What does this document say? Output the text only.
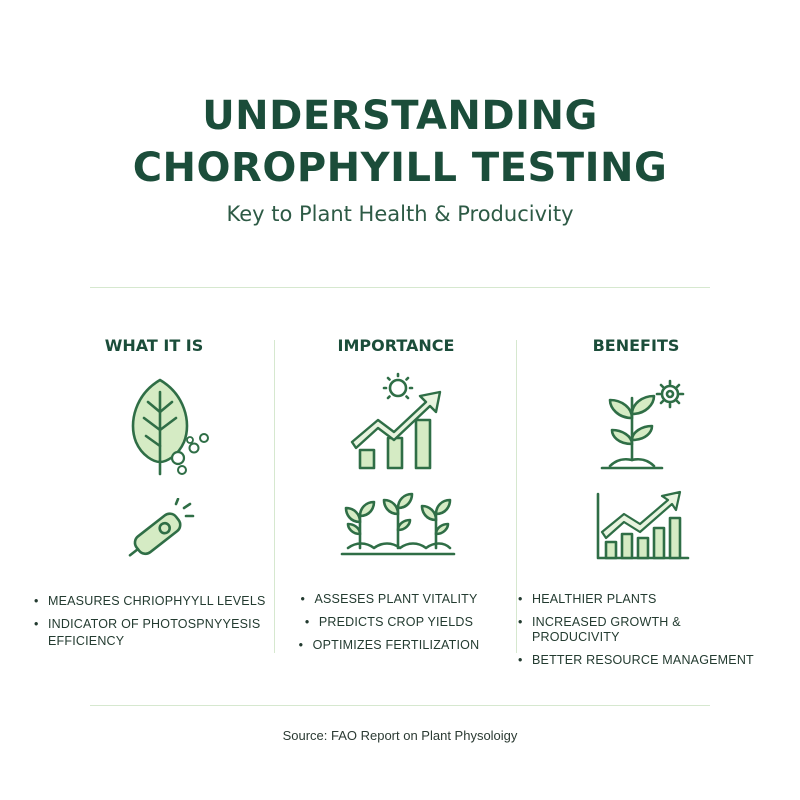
UNDERSTANDING
CHOROPHYILL TESTING
Key to Plant Health & Producivity
WHAT IT IS
• MEASURES CHRIOPHYYLL LEVELS
• INDICATOR OF PHOTOSPNYYESIS
EFFICIENCY
IMPORTANCE
• ASSESES PLANT VITALITY
• PREDICTS CROP YIELDS
• OPTIMIZES FERTILIZATION
BENEFITS
• HEALTHIER PLANTS
• INCREASED GROWTH & PRODUCIVITY
• BETTER RESOURCE MANAGEMENT
Source: FAO Report on Plant Physoloigy
